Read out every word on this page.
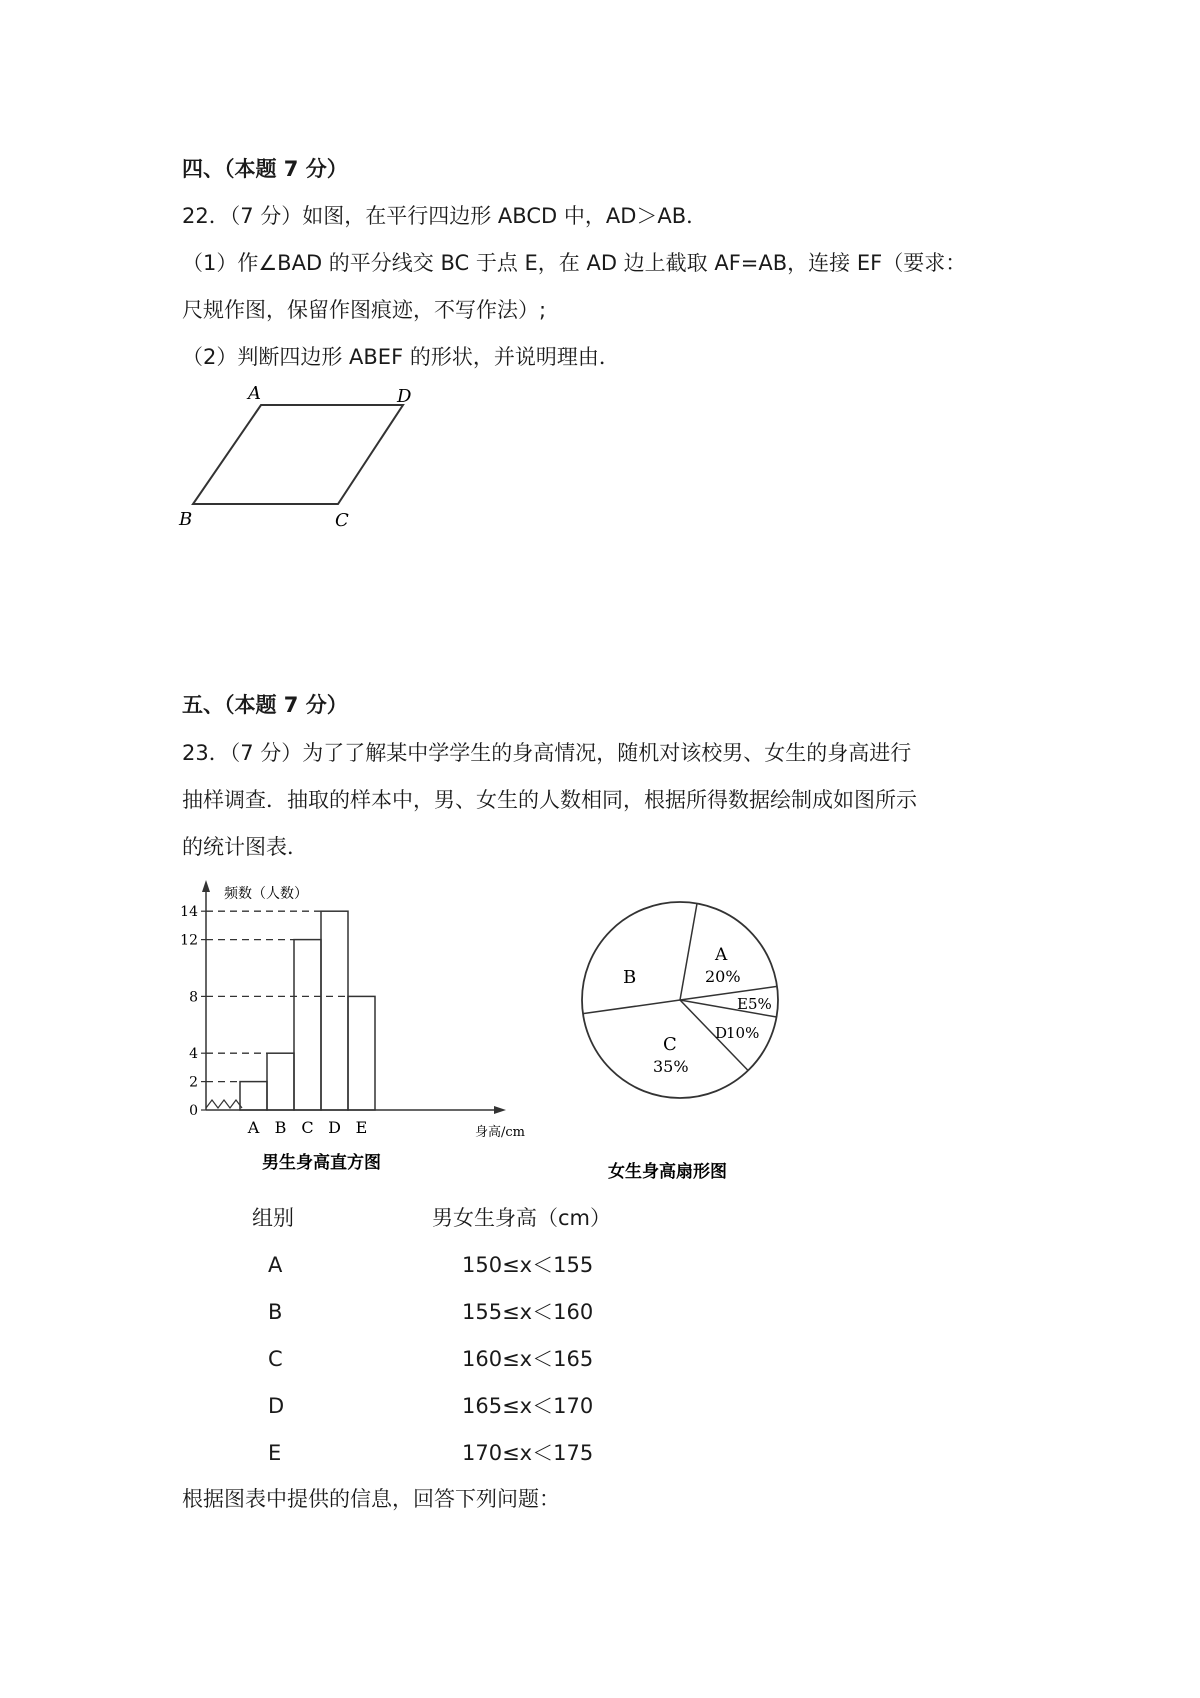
四、（本题 7 分）
22．（7 分）如图，在平行四边形 ABCD 中，AD＞AB．
（1）作∠BAD 的平分线交 BC 于点 E，在 AD 边上截取 AF=AB，连接 EF（要求：
尺规作图，保留作图痕迹，不写作法）;
（2）判断四边形 ABEF 的形状，并说明理由．
A	D
B	C
五、（本题 7 分）
23．（7 分）为了了解某中学学生的身高情况，随机对该校男、女生的身高进行
抽样调查．抽取的样本中，男、女生的人数相同，根据所得数据绘制成如图所示
的统计图表．
0
2
4
8
12
14
A B C D E
频数（人数）
身高/cm
男生身高直方图
B
A
20%
E 5%
D
10%
C
35%
女生身高扇形图
组别	男女生身高（cm）
A	150≤x＜155
B	155≤x＜160
C	160≤x＜165
D	165≤x＜170
E	170≤x＜175
根据图表中提供的信息，回答下列问题：
